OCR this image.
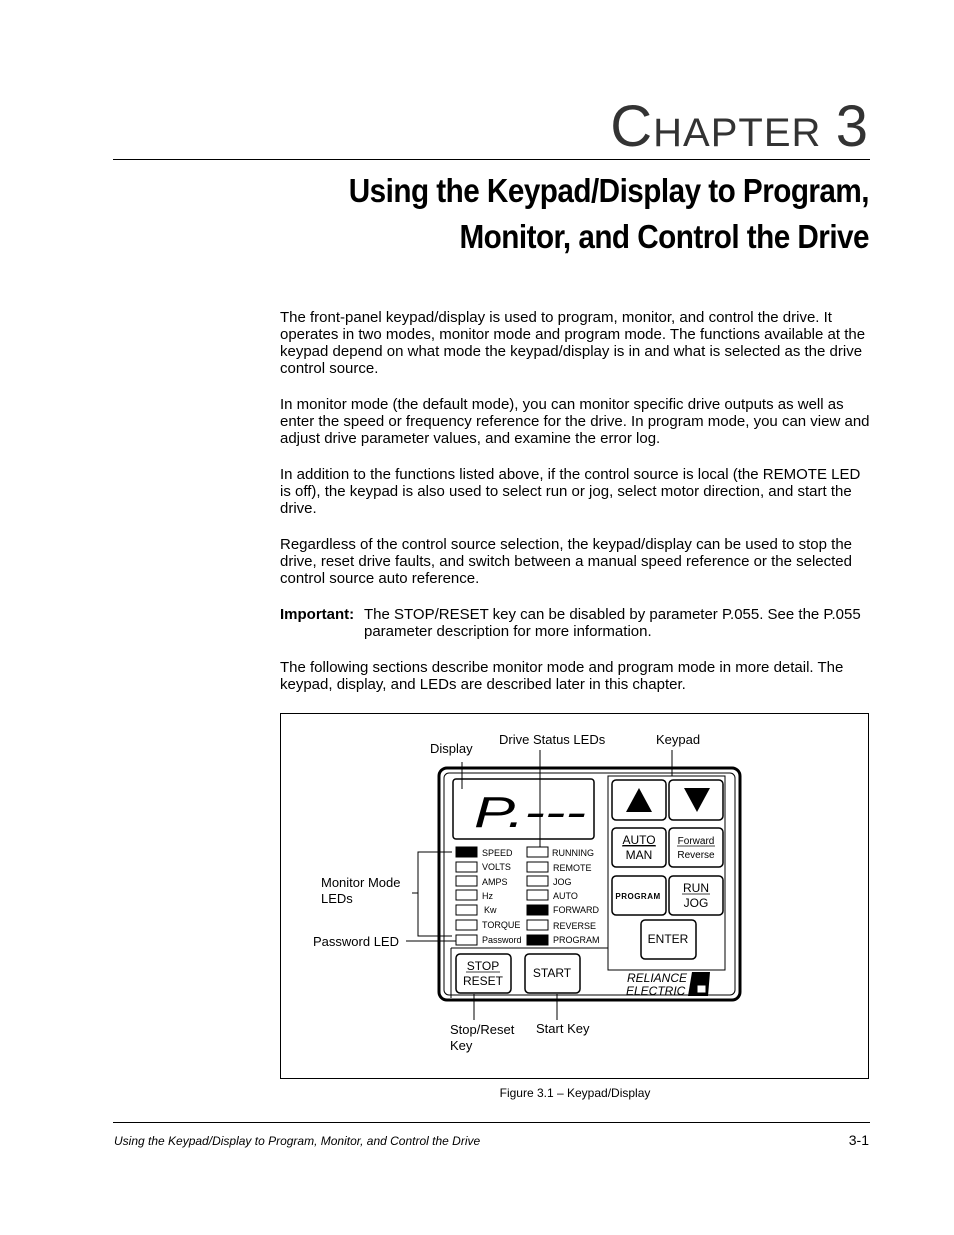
CHAPTER 3
Using the Keypad/Display to Program,
Monitor, and Control the Drive

The front-panel keypad/display is used to program, monitor, and control the drive. It operates in two modes, monitor mode and program mode. The functions available at the keypad depend on what mode the keypad/display is in and what is selected as the drive control source.

In monitor mode (the default mode), you can monitor specific drive outputs as well as enter the speed or frequency reference for the drive. In program mode, you can view and adjust drive parameter values, and examine the error log.

In addition to the functions listed above, if the control source is local (the REMOTE LED is off), the keypad is also used to select run or jog, select motor direction, and start the drive.

Regardless of the control source selection, the keypad/display can be used to stop the drive, reset drive faults, and switch between a manual speed reference or the selected control source auto reference.

Important: The STOP/RESET key can be disabled by parameter P.055. See the P.055 parameter description for more information.

The following sections describe monitor mode and program mode in more detail. The keypad, display, and LEDs are described later in this chapter.

Display
Drive Status LEDs	Keypad
Monitor Mode
LEDs
Password LED
Stop/Reset
Key
Start Key
P.---
SPEED
VOLTS
AMPS
Hz
Kw
TORQUE
Password
RUNNING
REMOTE
JOG
AUTO
FORWARD
REVERSE
PROGRAM
AUTO
MAN
Forward
Reverse
PROGRAM
RUN
JOG
ENTER
STOP
RESET
START	RELIANCE
ELECTRIC
Figure 3.1 – Keypad/Display
Using the Keypad/Display to Program, Monitor, and Control the Drive	3-1
